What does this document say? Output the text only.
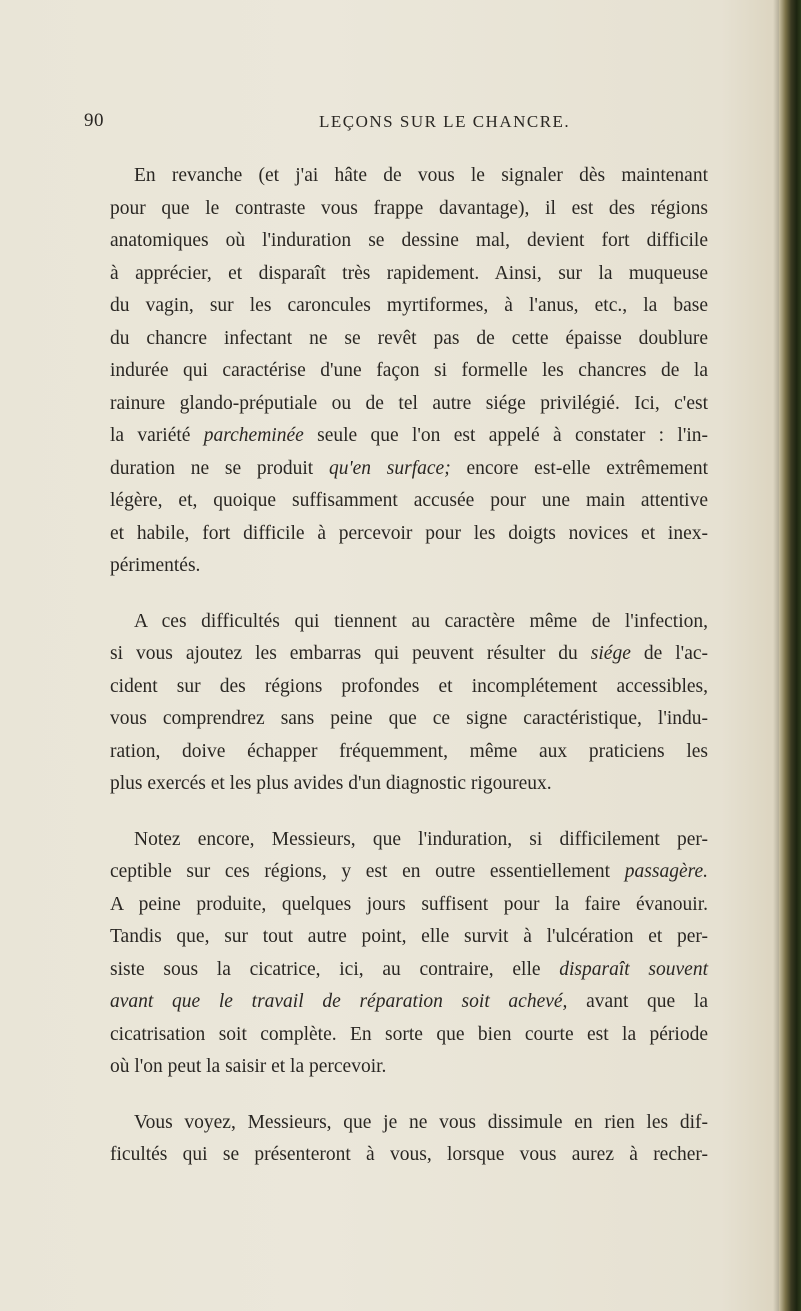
90	LEÇONS SUR LE CHANCRE.
En revanche (et j'ai hâte de vous le signaler dès maintenant
pour que le contraste vous frappe davantage), il est des régions
anatomiques où l'induration se dessine mal, devient fort difficile
à apprécier, et disparaît très rapidement. Ainsi, sur la muqueuse
du vagin, sur les caroncules myrtiformes, à l'anus, etc., la base
du chancre infectant ne se revêt pas de cette épaisse doublure
indurée qui caractérise d'une façon si formelle les chancres de la
rainure glando-préputiale ou de tel autre siége privilégié. Ici, c'est
la variété parcheminée seule que l'on est appelé à constater : l'in-
duration ne se produit qu'en surface; encore est-elle extrêmement
légère, et, quoique suffisamment accusée pour une main attentive
et habile, fort difficile à percevoir pour les doigts novices et inex-
périmentés.
A ces difficultés qui tiennent au caractère même de l'infection,
si vous ajoutez les embarras qui peuvent résulter du siége de l'ac-
cident sur des régions profondes et incomplétement accessibles,
vous comprendrez sans peine que ce signe caractéristique, l'indu-
ration, doive échapper fréquemment, même aux praticiens les
plus exercés et les plus avides d'un diagnostic rigoureux.
Notez encore, Messieurs, que l'induration, si difficilement per-
ceptible sur ces régions, y est en outre essentiellement passagère.
A peine produite, quelques jours suffisent pour la faire évanouir.
Tandis que, sur tout autre point, elle survit à l'ulcération et per-
siste sous la cicatrice, ici, au contraire, elle disparaît souvent
avant que le travail de réparation soit achevé, avant que la
cicatrisation soit complète. En sorte que bien courte est la période
où l'on peut la saisir et la percevoir.
Vous voyez, Messieurs, que je ne vous dissimule en rien les dif-
ficultés qui se présenteront à vous, lorsque vous aurez à recher-
